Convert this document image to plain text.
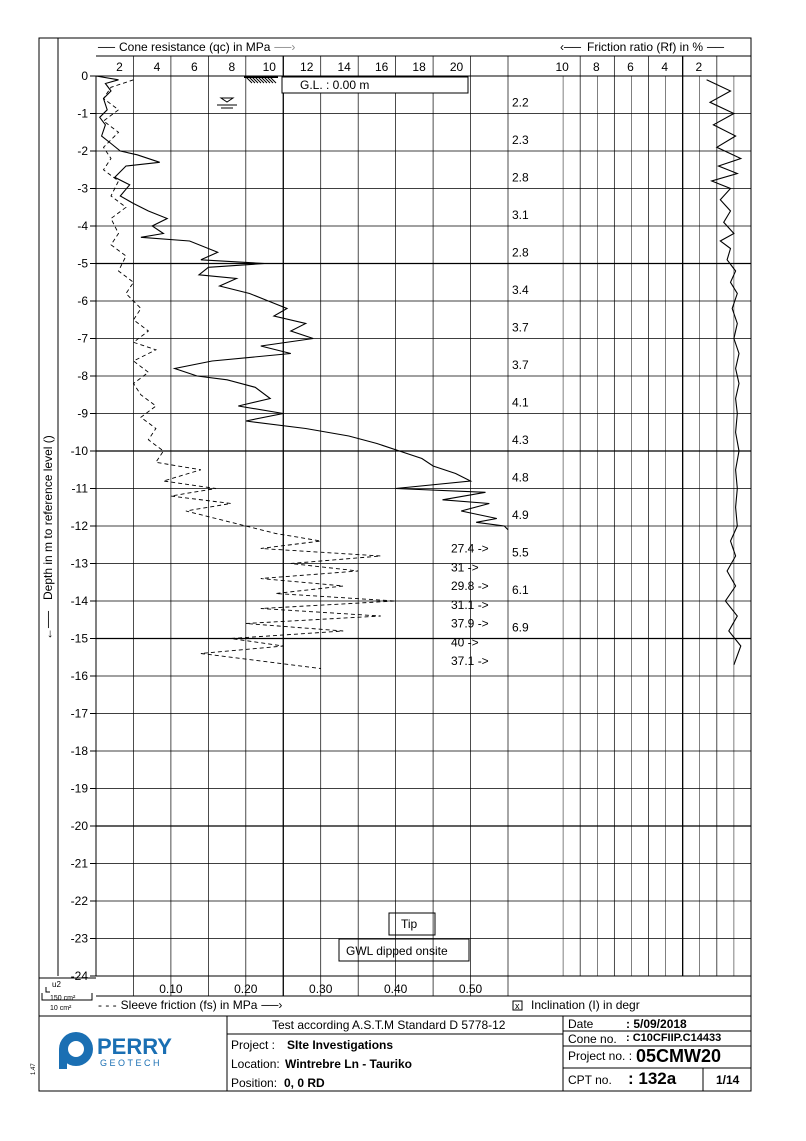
── Cone resistance (qc) in MPa ──›	‹── Friction ratio (Rf) in % ──
0
-1
-2
-3
-4
-5
-6
-7
-8
-9
-10
-11
-12
-13
-14
-15
-16
-17
-18
-19
-20
-21
-22
-23
-24
2	4	6	8 10 12 14 16 18 20	10 8 6 4 2
0.10	0.20	0.30	0.40	0.50
2.2
2.3
2.8
3.1
2.8
3.4
3.7
3.7
4.1
4.3
4.8
4.9
5.5
6.1
6.9
27.4 ->
31 ->
29.8 ->
31.1 ->
37.9 ->
40 ->
37.1 ->
G.L. : 0.00 m
Depth in m to reference level ()
←──
Tip
GWL dipped onsite
- - - Sleeve friction (fs) in MPa ──›	x Inclination (I) in degr
u2
150 cm²
10 cm²
PERRY
GEOTECH
1.47
Test according A.S.T.M Standard D 5778-12
Project : SIte Investigations
Location: Wintrebre Ln - Tauriko
Position: 0, 0 RD
Date	: 5/09/2018
Cone no. : C10CFIIP.C14433
Project no. : 05CMW20
CPT no. : 132a	1/14
